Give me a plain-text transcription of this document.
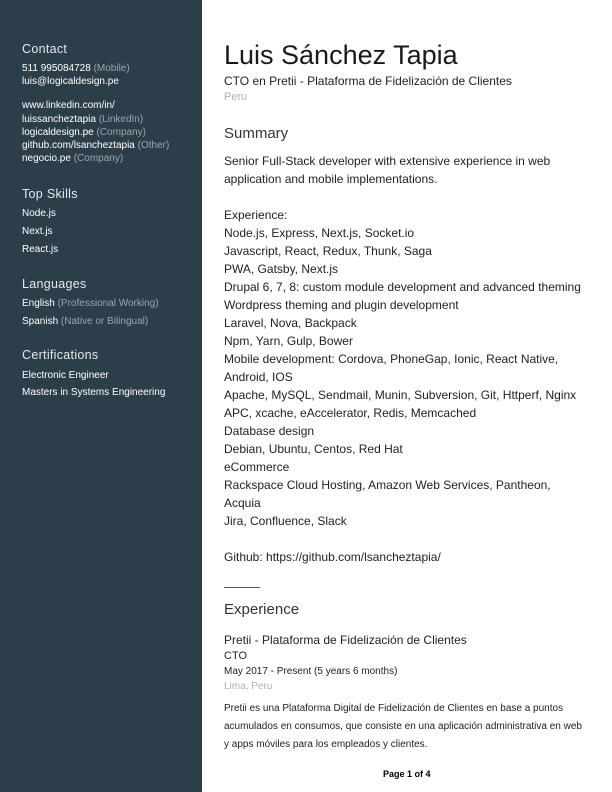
Contact
511 995084728 (Mobile)
luis@logicaldesign.pe
www.linkedin.com/in/
luissancheztapia (LinkedIn)
logicaldesign.pe (Company)
github.com/lsancheztapia (Other)
negocio.pe (Company)
Top Skills
Node.js
Next.js
React.js
Languages
English (Professional Working)
Spanish (Native or Bilingual)
Certifications
Electronic Engineer
Masters in Systems Engineering
Luis Sánchez Tapia
CTO en Pretii - Plataforma de Fidelización de Clientes
Peru
Summary
Senior Full-Stack developer with extensive experience in web application and mobile implementations.

Experience:
Node.js, Express, Next.js, Socket.io
Javascript, React, Redux, Thunk, Saga
PWA, Gatsby, Next.js
Drupal 6, 7, 8: custom module development and advanced theming
Wordpress theming and plugin development
Laravel, Nova, Backpack
Npm, Yarn, Gulp, Bower
Mobile development: Cordova, PhoneGap, Ionic, React Native, Android, IOS
Apache, MySQL, Sendmail, Munin, Subversion, Git, Httperf, Nginx
APC, xcache, eAccelerator, Redis, Memcached
Database design
Debian, Ubuntu, Centos, Red Hat
eCommerce
Rackspace Cloud Hosting, Amazon Web Services, Pantheon, Acquia
Jira, Confluence, Slack

Github: https://github.com/lsancheztapia/
Experience
Pretii - Plataforma de Fidelización de Clientes
CTO
May 2017 - Present (5 years 6 months)
Lima, Peru
Pretii es una Plataforma Digital de Fidelización de Clientes en base a puntos acumulados en consumos, que consiste en una aplicación administrativa en web y apps móviles para los empleados y clientes.
Page 1 of 4
